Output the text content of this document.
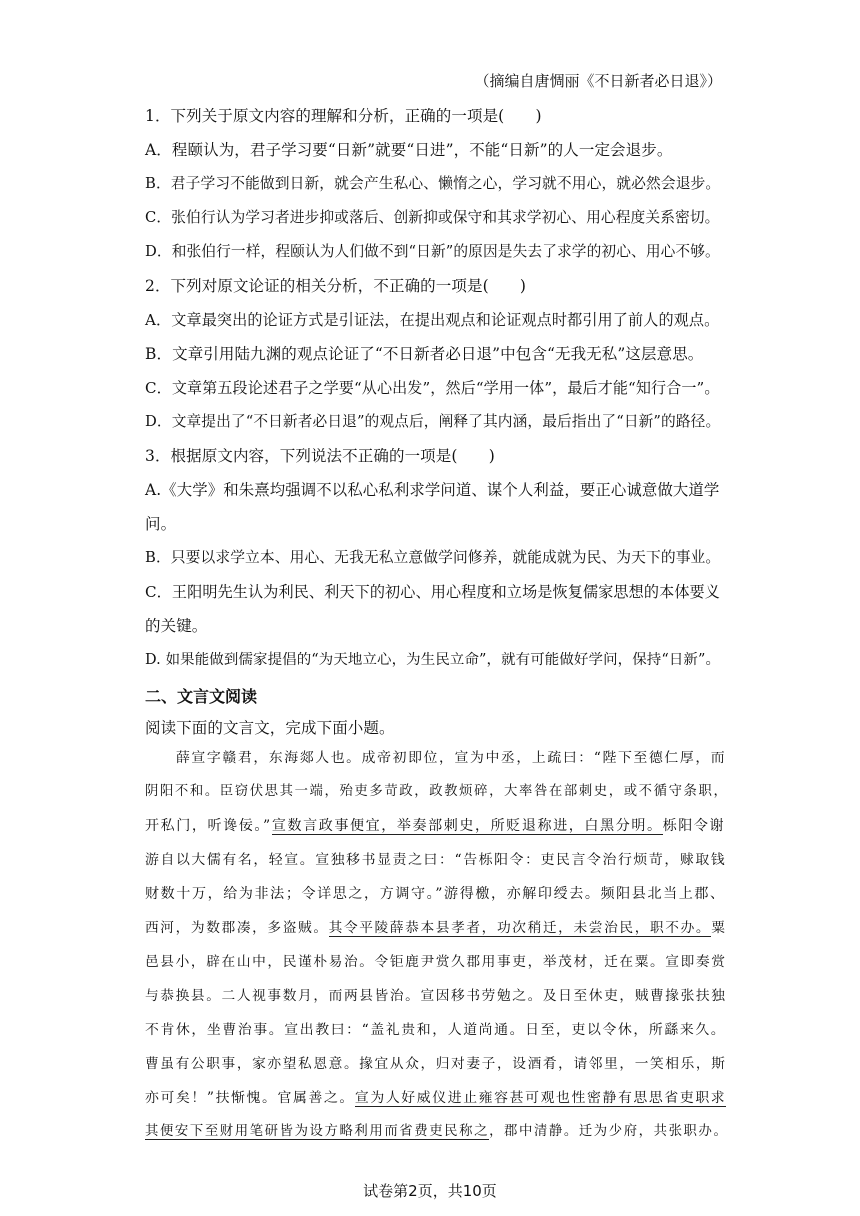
（摘编自唐惆丽《不日新者必日退》）
1．下列关于原文内容的理解和分析，正确的一项是(　　)
A．程颐认为，君子学习要“日新”就要“日进”，不能“日新”的人一定会退步。
B．君子学习不能做到日新，就会产生私心、懒惰之心，学习就不用心，就必然会退步。
C．张伯行认为学习者进步抑或落后、创新抑或保守和其求学初心、用心程度关系密切。
D．和张伯行一样，程颐认为人们做不到“日新”的原因是失去了求学的初心、用心不够。
2．下列对原文论证的相关分析，不正确的一项是(　　)
A．文章最突出的论证方式是引证法，在提出观点和论证观点时都引用了前人的观点。
B．文章引用陆九渊的观点论证了“不日新者必日退”中包含“无我无私”这层意思。
C．文章第五段论述君子之学要“从心出发”，然后“学用一体”，最后才能“知行合一”。
D．文章提出了“不日新者必日退”的观点后，阐释了其内涵，最后指出了“日新”的路径。
3．根据原文内容，下列说法不正确的一项是(　　)
A.《大学》和朱熹均强调不以私心私利求学问道、谋个人利益，要正心诚意做大道学
问。
B．只要以求学立本、用心、无我无私立意做学问修养，就能成就为民、为天下的事业。
C．王阳明先生认为利民、利天下的初心、用心程度和立场是恢复儒家思想的本体要义
的关键。
D. 如果能做到儒家提倡的“为天地立心，为生民立命”，就有可能做好学问，保持“日新”。
二、文言文阅读
阅读下面的文言文，完成下面小题。
　　薛宣字赣君，东海郯人也。成帝初即位，宣为中丞，上疏曰：“陛下至德仁厚，而
阴阳不和。臣窃伏思其一端，殆吏多苛政，政教烦碎，大率咎在部刺史，或不循守条职，
开私门，听谗佞。”宣数言政事便宜，举奏部刺史，所贬退称进，白黑分明。栎阳令谢
游自以大儒有名，轻宣。宣独移书显责之曰：“告栎阳令：吏民言令治行烦苛，赇取钱
财数十万，给为非法；令详思之，方调守。”游得檄，亦解印绶去。频阳县北当上郡、
西河，为数郡凑，多盗贼。其令平陵薛恭本县孝者，功次稍迁，未尝治民，职不办。粟
邑县小，辟在山中，民谨朴易治。令钜鹿尹赏久郡用事吏，举茂材，迁在粟。宣即奏赏
与恭换县。二人视事数月，而两县皆治。宣因移书劳勉之。及日至休吏，贼曹掾张扶独
不肯休，坐曹治事。宣出教曰：“盖礼贵和，人道尚通。日至，吏以令休，所繇来久。
曹虽有公职事，家亦望私恩意。掾宜从众，归对妻子，设酒肴，请邻里，一笑相乐，斯
亦可矣！”扶惭愧。官属善之。宣为人好威仪进止雍容甚可观也性密静有思思省吏职求
其便安下至财用笔研皆为设方略利用而省费吏民称之，郡中清静。迁为少府，共张职办。
试卷第2页，共10页
